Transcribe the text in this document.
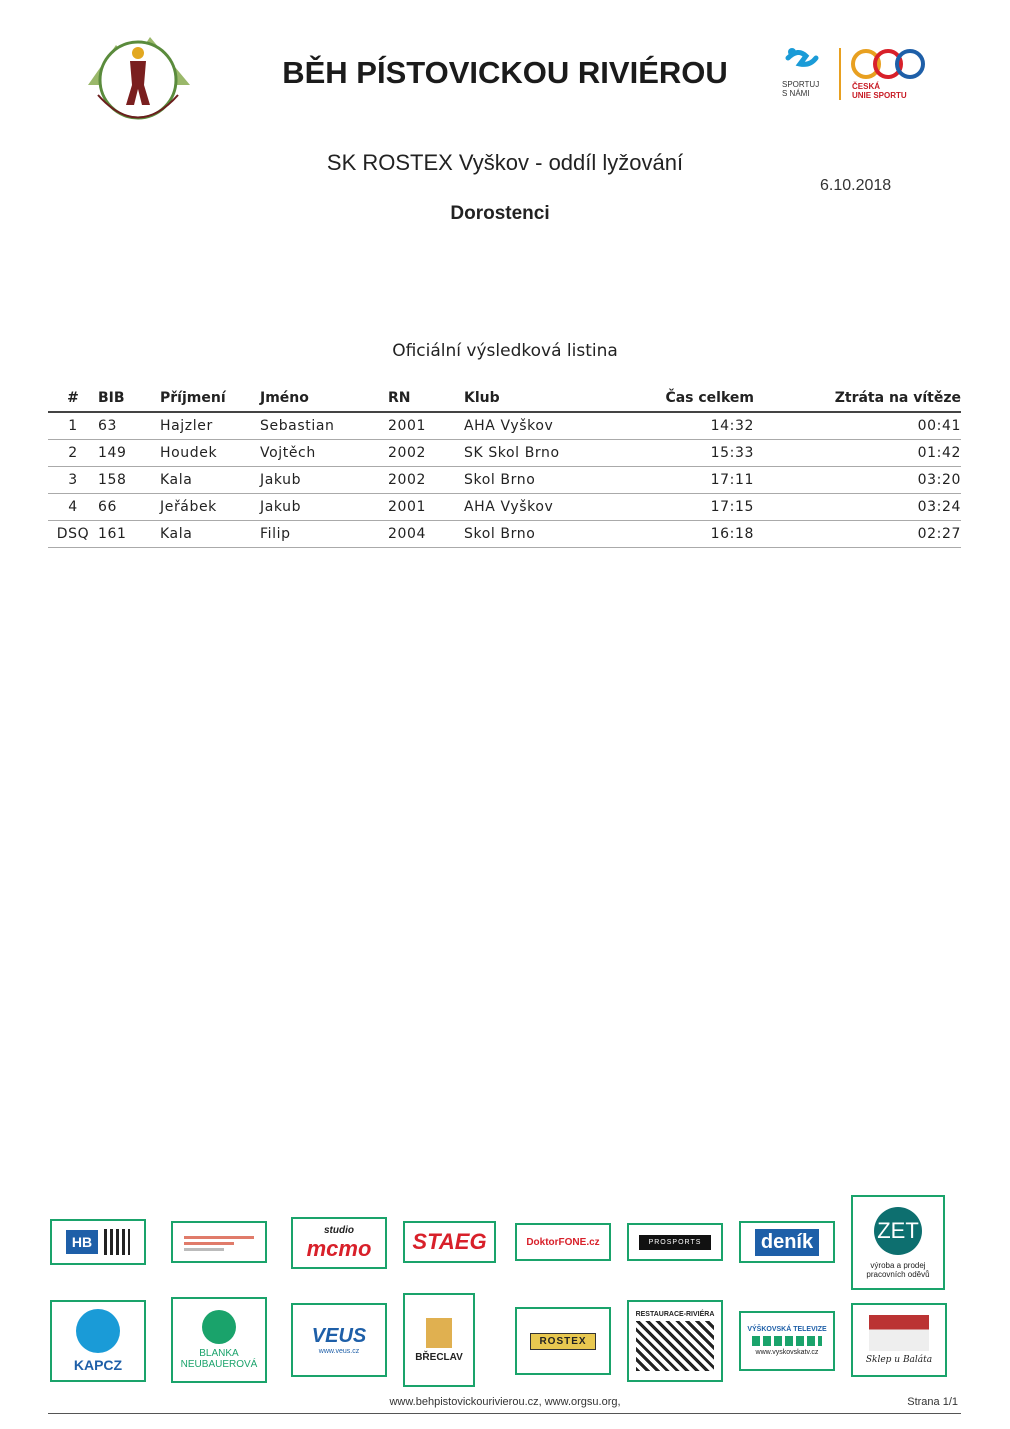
BĚH PÍSTOVICKOU RIVIÉROU	SPORTUJ
S NÁMI
ČESKÁ
UNIE SPORTU
SK ROSTEX Vyškov - oddíl lyžování
6.10.2018
Dorostenci
Oficiální výsledková listina
#	BIB	Příjmení	Jméno	RN	Klub	Čas celkem	Ztráta na vítěze
1	63	Hajzler	Sebastian	2001	AHA Vyškov	14:32	00:41
2	149	Houdek	Vojtěch	2002	SK Skol Brno	15:33	01:42
3	158	Kala	Jakub	2002	Skol Brno	17:11	03:20
4	66	Jeřábek	Jakub	2001	AHA Vyškov	17:15	03:24
DSQ	161	Kala	Filip	2004	Skol Brno	16:18	02:27
HB
studio
mcmo STAEG	DoktorFONE.cz	PROSPORTS	deník	ZET
výroba a prodej pracovních oděvů
KAPCZ
BLANKA NEUBAUEROVÁ
VEUS
www.veus.cz	BŘECLAV
ROSTEX
RESTAURACE-RIVIÉRA
VÝŠKOVSKÁ TELEVIZE
www.vyskovskatv.cz
Sklep u Baláta
www.behpistovickourivierou.cz, www.orgsu.org,	Strana 1/1
